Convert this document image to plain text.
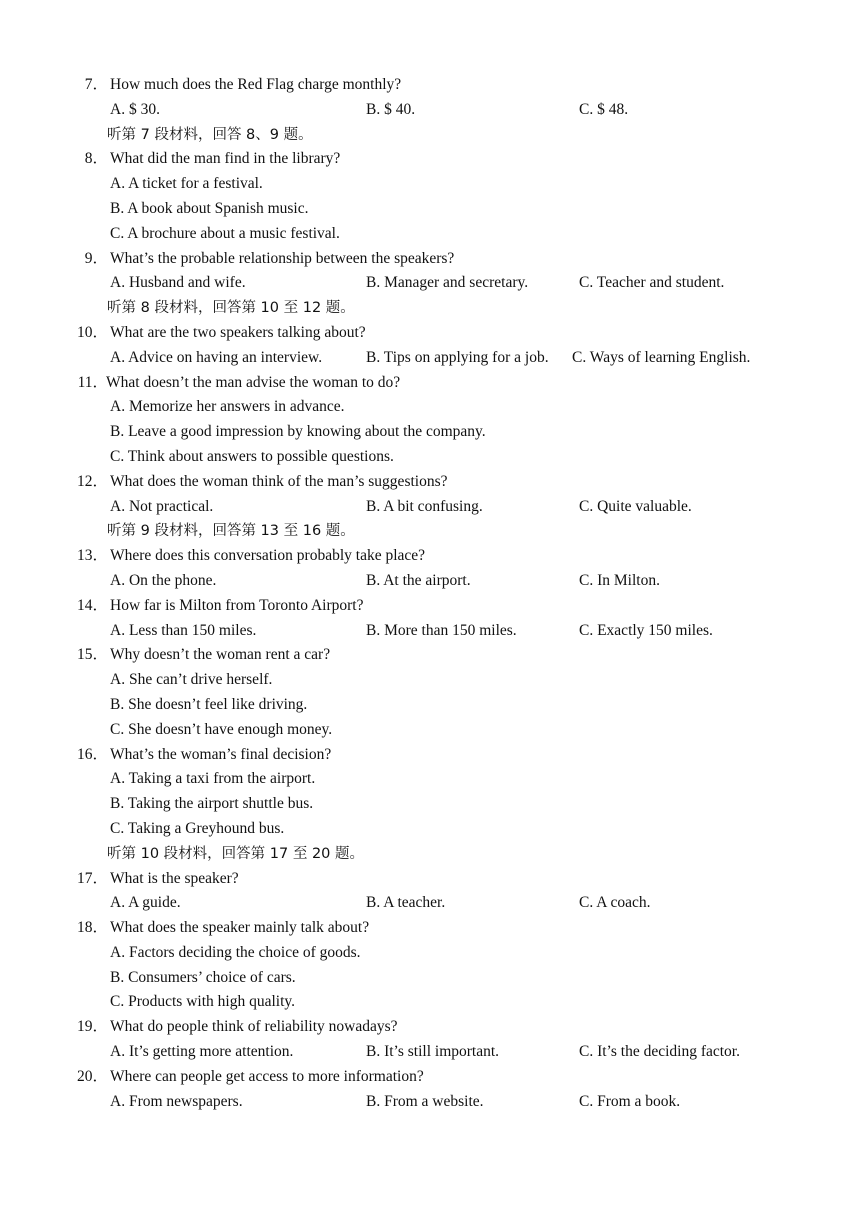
7． How much does the Red Flag charge monthly?
A. $ 30.	B. $ 40.	C. $ 48.
听第 7 段材料，回答 8、9 题。
8． What did the man find in the library?
A. A ticket for a festival.
B. A book about Spanish music.
C. A brochure about a music festival.
9． What’s the probable relationship between the speakers?
A. Husband and wife.	B. Manager and secretary.	C. Teacher and student.
听第 8 段材料，回答第 10 至 12 题。
10． What are the two speakers talking about?
A. Advice on having an interview.	B. Tips on applying for a job. C. Ways of learning English.
11．
What doesn’t the man advise the woman to do?
A. Memorize her answers in advance.
B. Leave a good impression by knowing about the company.
C. Think about answers to possible questions.
12． What does the woman think of the man’s suggestions?
A. Not practical.	B. A bit confusing.	C. Quite valuable.
听第 9 段材料，回答第 13 至 16 题。
13． Where does this conversation probably take place?
A. On the phone.	B. At the airport.	C. In Milton.
14． How far is Milton from Toronto Airport?
A. Less than 150 miles.	B. More than 150 miles.	C. Exactly 150 miles.
15． Why doesn’t the woman rent a car?
A. She can’t drive herself.
B. She doesn’t feel like driving.
C. She doesn’t have enough money.
16． What’s the woman’s final decision?
A. Taking a taxi from the airport.
B. Taking the airport shuttle bus.
C. Taking a Greyhound bus.
听第 10 段材料，回答第 17 至 20 题。
17． What is the speaker?
A. A guide.	B. A teacher.	C. A coach.
18． What does the speaker mainly talk about?
A. Factors deciding the choice of goods.
B. Consumers’ choice of cars.
C. Products with high quality.
19． What do people think of reliability nowadays?
A. It’s getting more attention.	B. It’s still important.	C. It’s the deciding factor.
20． Where can people get access to more information?
A. From newspapers.	B. From a website.	C. From a book.
